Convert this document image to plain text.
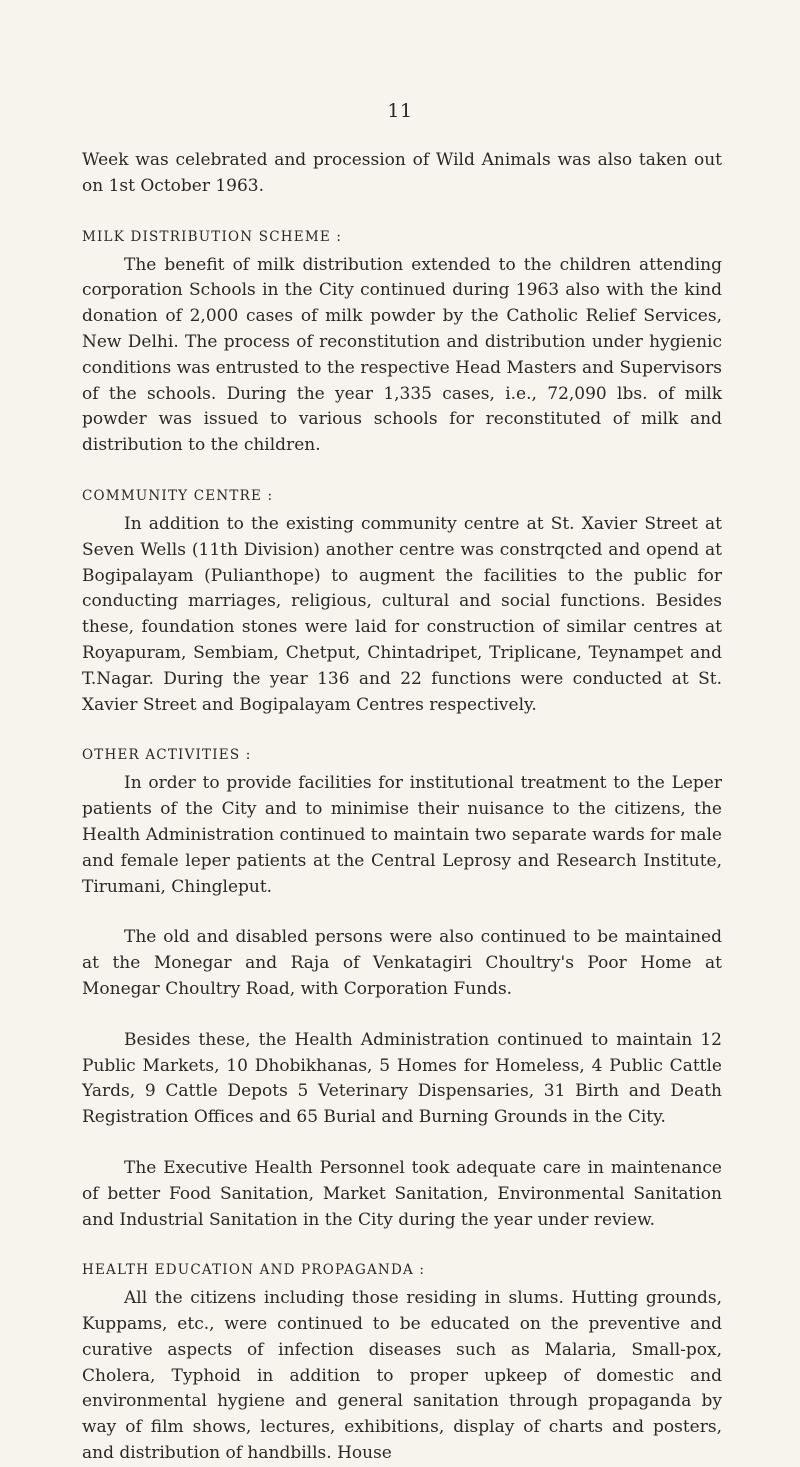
11

Week was celebrated and procession of Wild Animals was also taken out on 1st October 1963.

MILK DISTRIBUTION SCHEME :

The benefit of milk distribution extended to the children attending corporation Schools in the City continued during 1963 also with the kind donation of 2,000 cases of milk powder by the Catholic Relief Services, New Delhi. The process of reconstitution and distribution under hygienic conditions was entrusted to the respective Head Masters and Supervisors of the schools. During the year 1,335 cases, i.e., 72,090 lbs. of milk powder was issued to various schools for reconstituted of milk and distribution to the children.

COMMUNITY CENTRE :

In addition to the existing community centre at St. Xavier Street at Seven Wells (11th Division) another centre was constrqcted and opend at Bogipalayam (Pulianthope) to augment the facilities to the public for conducting marriages, religious, cultural and social functions. Besides these, foundation stones were laid for construction of similar centres at Royapuram, Sembiam, Chetput, Chintadripet, Triplicane, Teynampet and T.Nagar. During the year 136 and 22 functions were conducted at St. Xavier Street and Bogipalayam Centres respectively.

OTHER ACTIVITIES :

In order to provide facilities for institutional treatment to the Leper patients of the City and to minimise their nuisance to the citizens, the Health Administration continued to maintain two separate wards for male and female leper patients at the Central Leprosy and Research Institute, Tirumani, Chingleput.

The old and disabled persons were also continued to be maintained at the Monegar and Raja of Venkatagiri Choultry's Poor Home at Monegar Choultry Road, with Corporation Funds.

Besides these, the Health Administration continued to maintain 12 Public Markets, 10 Dhobikhanas, 5 Homes for Homeless, 4 Public Cattle Yards, 9 Cattle Depots 5 Veterinary Dispensaries, 31 Birth and Death Registration Offices and 65 Burial and Burning Grounds in the City.

The Executive Health Personnel took adequate care in maintenance of better Food Sanitation, Market Sanitation, Environmental Sanitation and Industrial Sanitation in the City during the year under review.

HEALTH EDUCATION AND PROPAGANDA :

All the citizens including those residing in slums. Hutting grounds, Kuppams, etc., were continued to be educated on the preventive and curative aspects of infection diseases such as Malaria, Small-pox, Cholera, Typhoid in addition to proper upkeep of domestic and environmental hygiene and general sanitation through propaganda by way of film shows, lectures, exhibitions, display of charts and posters, and distribution of handbills. House
